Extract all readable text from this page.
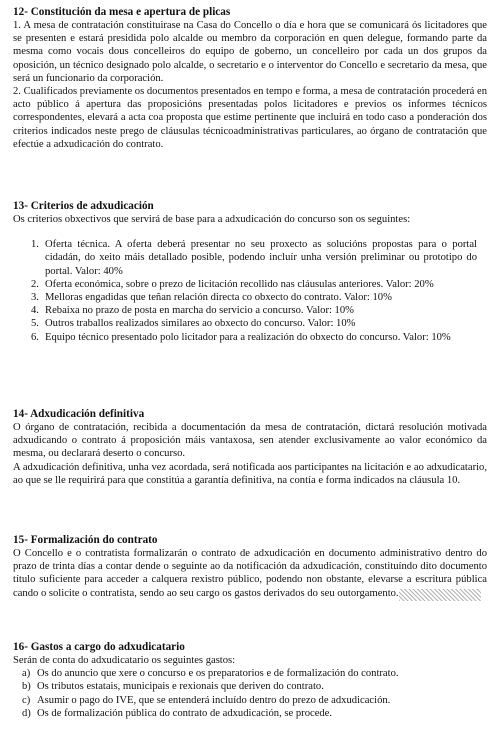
12- Constitución da mesa e apertura de plicas

1. A mesa de contratación constituirase na Casa do Concello o día e hora que se comunicará ós licitadores que se presenten e estará presidida polo alcalde ou membro da corporación en quen delegue, formando parte da mesma como vocais dous concelleiros do equipo de goberno, un concelleiro por cada un dos grupos da oposición, un técnico designado polo alcalde, o secretario e o interventor do Concello e secretario da mesa, que será un funcionario da corporación.

2. Cualificados previamente os documentos presentados en tempo e forma, a mesa de contratación procederá en acto público á apertura das proposicións presentadas polos licitadores e previos os informes técnicos correspondentes, elevará a acta coa proposta que estime pertinente que incluirá en todo caso a ponderación dos criterios indicados neste prego de cláusulas técnicoadministrativas particulares, ao órgano de contratación que efectúe a adxudicación do contrato.

13- Criterios de adxudicación

Os criterios obxectivos que servirá de base para a adxudicación do concurso son os seguintes:

1. Oferta técnica. A oferta deberá presentar no seu proxecto as solucións propostas para o portal cidadán, do xeito máis detallado posible, podendo incluír unha versión preliminar ou prototipo do portal. Valor: 40%
2. Oferta económica, sobre o prezo de licitación recollido nas cláusulas anteriores. Valor: 20%
3. Melloras engadidas que teñan relación directa co obxecto do contrato. Valor: 10%
4. Rebaixa no prazo de posta en marcha do servicio a concurso. Valor: 10%
5. Outros traballos realizados similares ao obxecto do concurso. Valor: 10%
6. Equipo técnico presentado polo licitador para a realización do obxecto do concurso. Valor: 10%
14- Adxudicación definitiva

O órgano de contratación, recibida a documentación da mesa de contratación, dictará resolución motivada adxudicando o contrato á proposición máis vantaxosa, sen atender exclusivamente ao valor económico da mesma, ou declarará deserto o concurso.

A adxudicación definitiva, unha vez acordada, será notificada aos participantes na licitación e ao adxudicatario, ao que se lle requirirá para que constitúa a garantía definitiva, na contía e forma indicados na cláusula 10.

15- Formalización do contrato

O Concello e o contratista formalizarán o contrato de adxudicación en documento administrativo dentro do prazo de trinta días a contar dende o seguinte ao da notificación da adxudicación, constituíndo dito documento título suficiente para acceder a calquera rexistro público, podendo non obstante, elevarse a escritura pública cando o solicite o contratista, sendo ao seu cargo os gastos derivados do seu outorgamento.

16- Gastos a cargo do adxudicatario

Serán de conta do adxudicatario os seguintes gastos:

a) Os do anuncio que xere o concurso e os preparatorios e de formalización do contrato.
b) Os tributos estatais, municipais e rexionais que deriven do contrato.
c) Asumir o pago do IVE, que se entenderá incluído dentro do prezo de adxudicación.
d) Os de formalización pública do contrato de adxudicación, se procede.
